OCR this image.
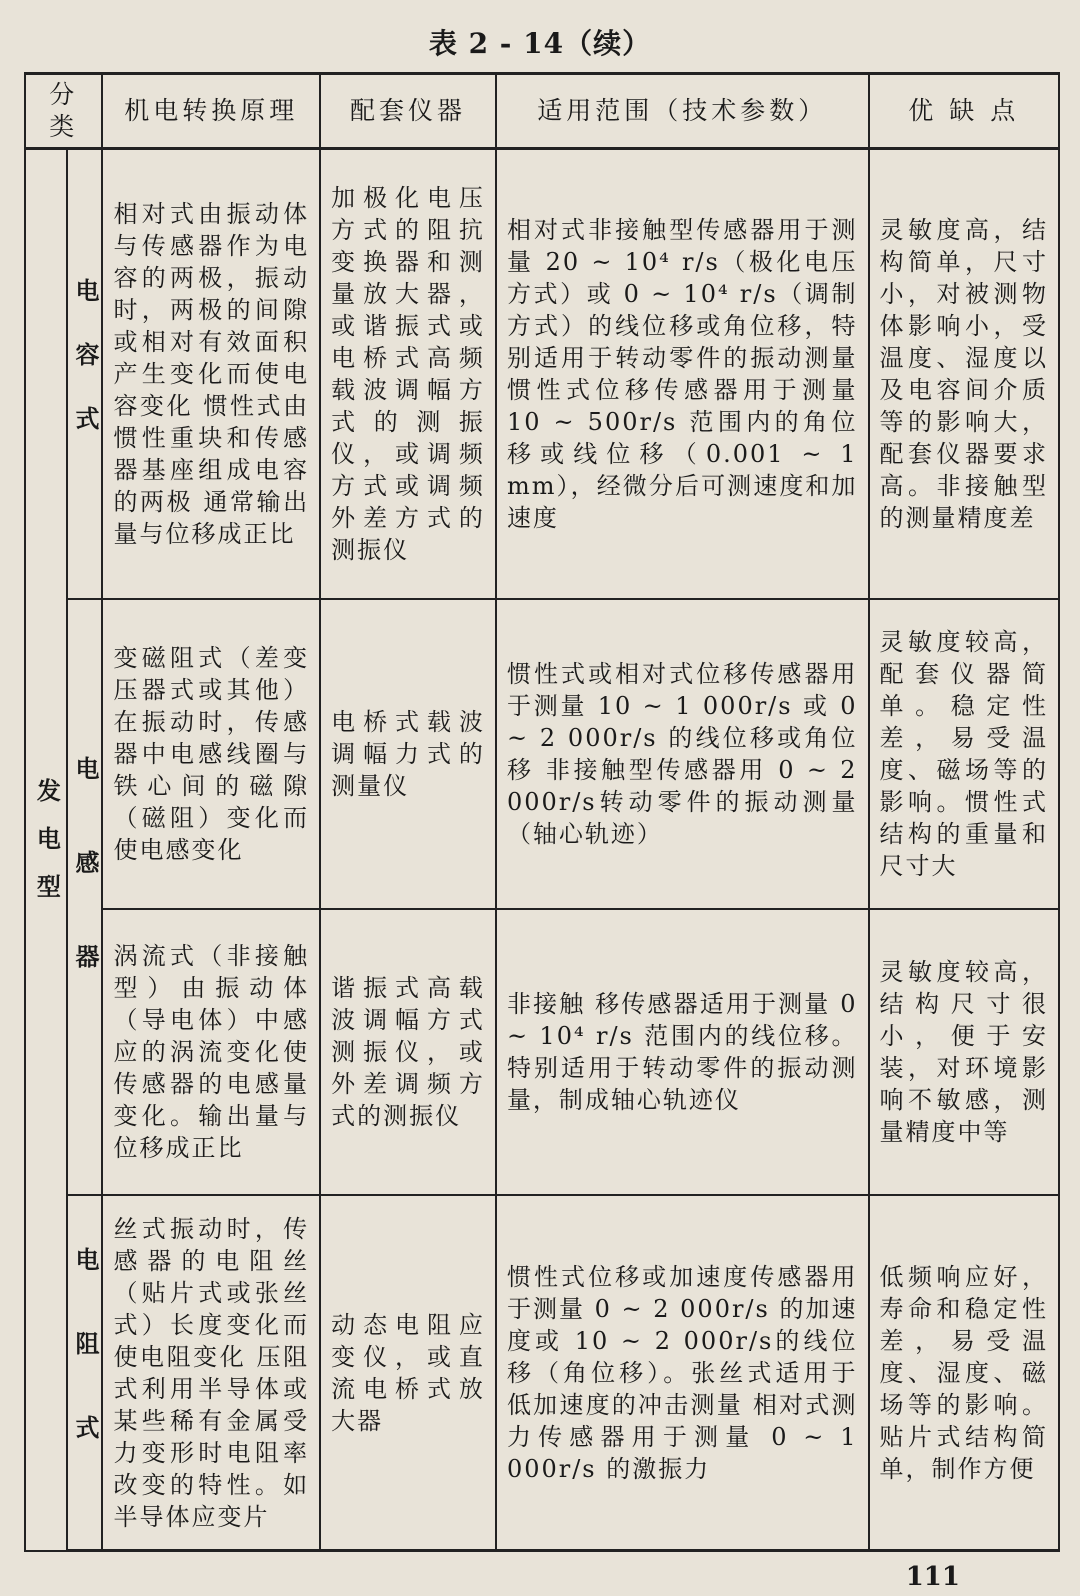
表 2 - 14（续）
分类		机电转换原理	配套仪器	适用范围（技术参数）	优 缺 点

发电型	电容式	相对式由振动体与传感器作为电容的两极，振动时，两极的间隙或相对有效面积产生变化而使电容变化 惯性式由惯性重块和传感器基座组成电容的两极 通常输出量与位移成正比	加极化电压方式的阻抗变换器和测量放大器，或谐振式或电桥式高频载波调幅方式的测振仪，或调频方式或调频外差方式的测振仪	相对式非接触型传感器用于测量 20 ~ 10⁴ r/s（极化电压方式）或 0 ~ 10⁴ r/s（调制方式）的线位移或角位移，特别适用于转动零件的振动测量 惯性式位移传感器用于测量 10 ~ 500r/s 范围内的角位移或线位移（0.001 ~ 1 mm），经微分后可测速度和加速度	灵敏度高，结构简单，尺寸小，对被测物体影响小，受温度、湿度以及电容间介质等的影响大，配套仪器要求高。非接触型的测量精度差

	电感器	变磁阻式（差变压器式或其他）在振动时，传感器中电感线圈与铁心间的磁隙（磁阻）变化而使电感变化	电桥式载波调幅力式的测量仪	惯性式或相对式位移传感器用于测量 10 ~ 1 000r/s 或 0 ~ 2 000r/s 的线位移或角位移 非接触型传感器用 0 ~ 2 000r/s转动零件的振动测量（轴心轨迹）	灵敏度较高，配套仪器简单。稳定性差，易受温度、磁场等的影响。惯性式结构的重量和尺寸大
		涡流式（非接触型）由振动体（导电体）中感应的涡流变化使传感器的电感量变化。输出量与位移成正比	谐振式高载波调幅方式测振仪，或外差调频方式的测振仪	非接触 移传感器适用于测量 0 ~ 10⁴ r/s 范围内的线位移。特别适用于转动零件的振动测量，制成轴心轨迹仪	灵敏度较高，结构尺寸很小，便于安装，对环境影响不敏感，测量精度中等

	电阻式	丝式振动时，传感器的电阻丝（贴片式或张丝式）长度变化而使电阻变化 压阻式利用半导体或某些稀有金属受力变形时电阻率改变的特性。如半导体应变片	动态电阻应变仪，或直流电桥式放大器	惯性式位移或加速度传感器用于测量 0 ~ 2 000r/s 的加速度或 10 ~ 2 000r/s的线位移（角位移）。张丝式适用于低加速度的冲击测量 相对式测力传感器用于测量 0 ~ 1 000r/s 的激振力	低频响应好，寿命和稳定性差，易受温度、湿度、磁场等的影响。贴片式结构简单，制作方便
111
